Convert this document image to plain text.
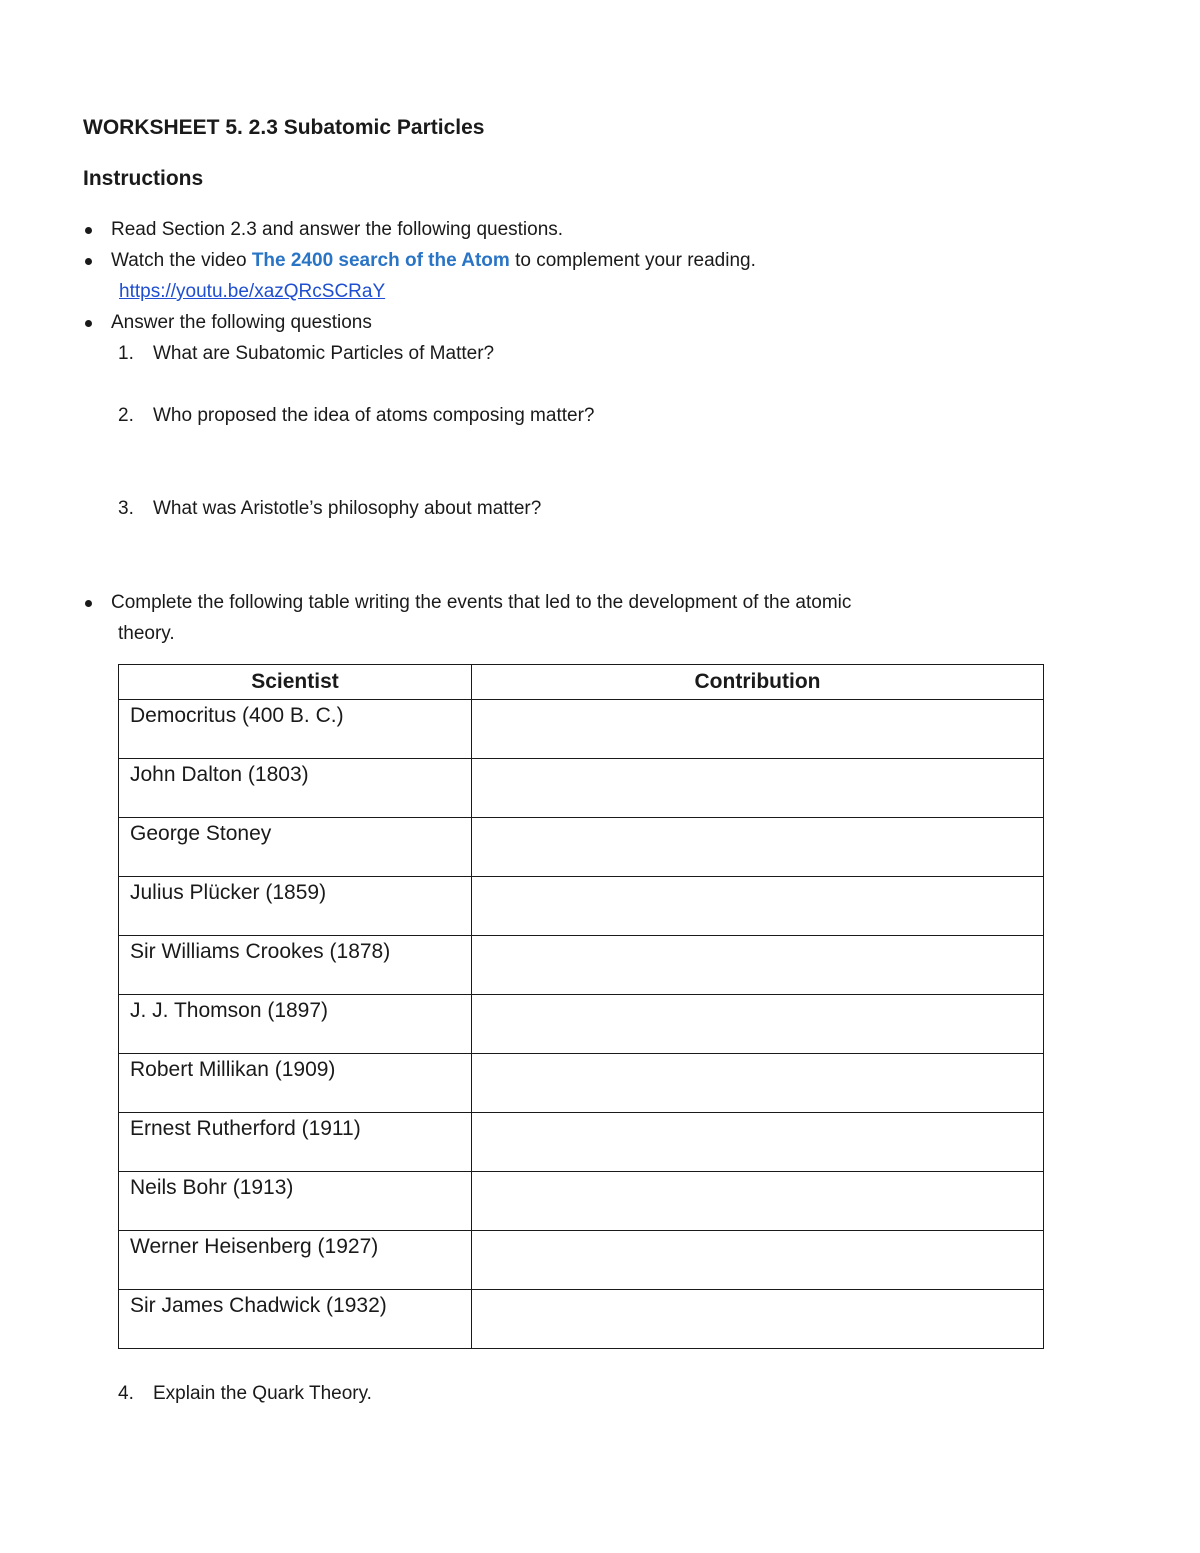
WORKSHEET 5. 2.3 Subatomic Particles
Instructions
Read Section 2.3 and answer the following questions.
Watch the video The 2400 search of the Atom to complement your reading.
https://youtu.be/xazQRcSCRaY
Answer the following questions
1. What are Subatomic Particles of Matter?
2. Who proposed the idea of atoms composing matter?
3. What was Aristotle’s philosophy about matter?
Complete the following table writing the events that led to the development of the atomic
theory.
Scientist	Contribution
Democritus (400 B. C.)	
John Dalton (1803)	
George Stoney	
Julius Plücker (1859)	
Sir Williams Crookes (1878)	
J. J. Thomson (1897)	
Robert Millikan (1909)	
Ernest Rutherford (1911)	
Neils Bohr (1913)	
Werner Heisenberg (1927)	
Sir James Chadwick (1932)	
4. Explain the Quark Theory.
